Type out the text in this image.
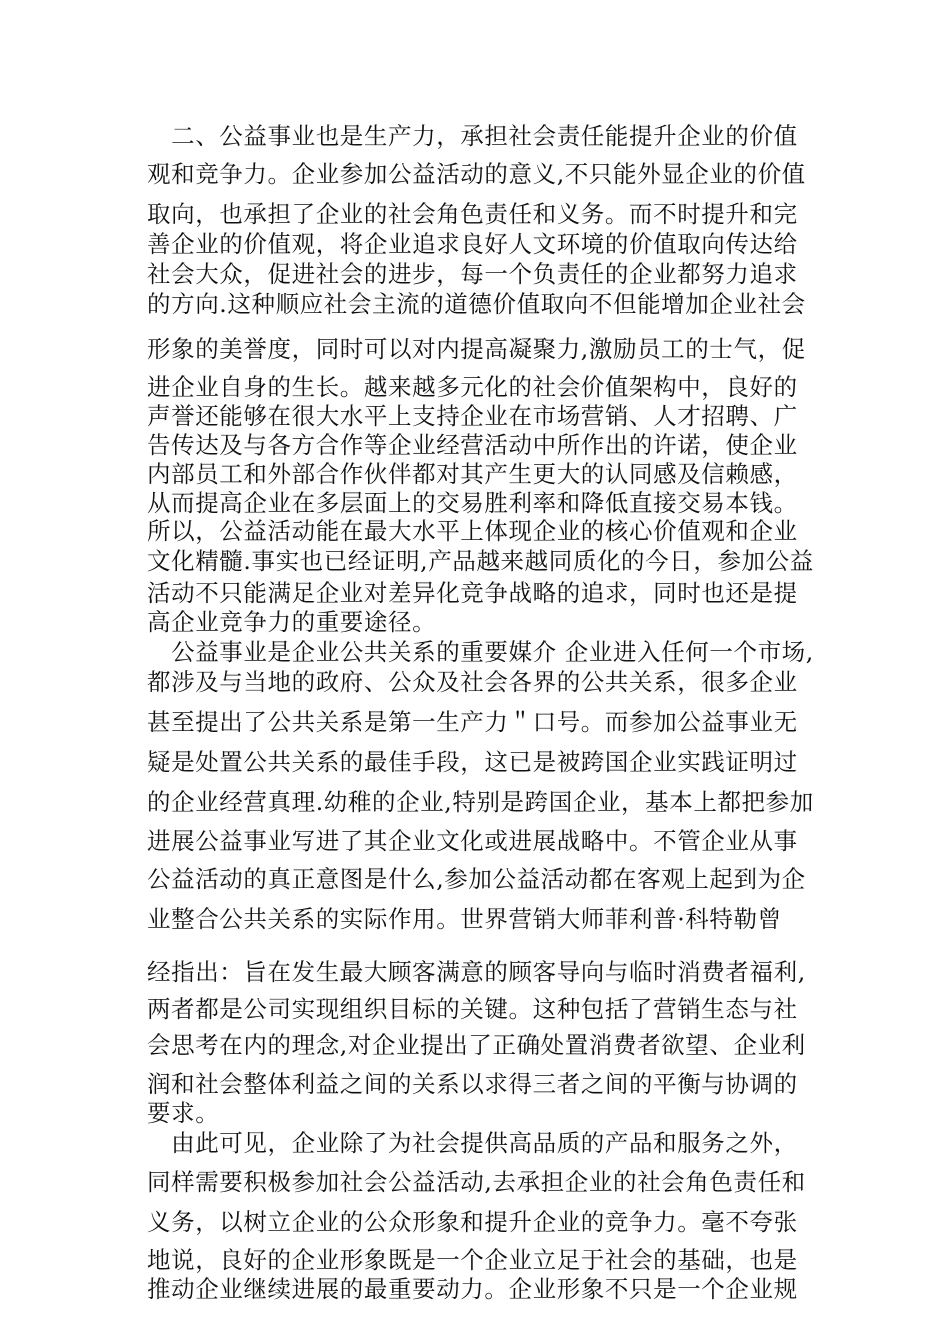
　二、公益事业也是生产力，承担社会责任能提升企业的价值
观和竞争力。企业参加公益活动的意义,不只能外显企业的价值
取向，也承担了企业的社会角色责任和义务。而不时提升和完
善企业的价值观，将企业追求良好人文环境的价值取向传达给
社会大众，促进社会的进步，每一个负责任的企业都努力追求
的方向.这种顺应社会主流的道德价值取向不但能增加企业社会
形象的美誉度，同时可以对内提高凝聚力,激励员工的士气，促
进企业自身的生长。越来越多元化的社会价值架构中，良好的
声誉还能够在很大水平上支持企业在市场营销、人才招聘、广
告传达及与各方合作等企业经营活动中所作出的许诺，使企业
内部员工和外部合作伙伴都对其产生更大的认同感及信赖感，
从而提高企业在多层面上的交易胜利率和降低直接交易本钱。
所以，公益活动能在最大水平上体现企业的核心价值观和企业
文化精髓.事实也已经证明,产品越来越同质化的今日，参加公益
活动不只能满足企业对差异化竞争战略的追求，同时也还是提
高企业竞争力的重要途径。
　公益事业是企业公共关系的重要媒介 企业进入任何一个市场,
都涉及与当地的政府、公众及社会各界的公共关系，很多企业
甚至提出了公共关系是第一生产力＂口号。而参加公益事业无
疑是处置公共关系的最佳手段，这已是被跨国企业实践证明过
的企业经营真理.幼稚的企业,特别是跨国企业，基本上都把参加
进展公益事业写进了其企业文化或进展战略中。不管企业从事
公益活动的真正意图是什么,参加公益活动都在客观上起到为企
业整合公共关系的实际作用。世界营销大师菲利普·科特勒曾
经指出：旨在发生最大顾客满意的顾客导向与临时消费者福利,
两者都是公司实现组织目标的关键。这种包括了营销生态与社
会思考在内的理念,对企业提出了正确处置消费者欲望、企业利
润和社会整体利益之间的关系以求得三者之间的平衡与协调的
要求。
　由此可见，企业除了为社会提供高品质的产品和服务之外，
同样需要积极参加社会公益活动,去承担企业的社会角色责任和
义务，以树立企业的公众形象和提升企业的竞争力。毫不夸张
地说，良好的企业形象既是一个企业立足于社会的基础，也是
推动企业继续进展的最重要动力。企业形象不只是一个企业规
